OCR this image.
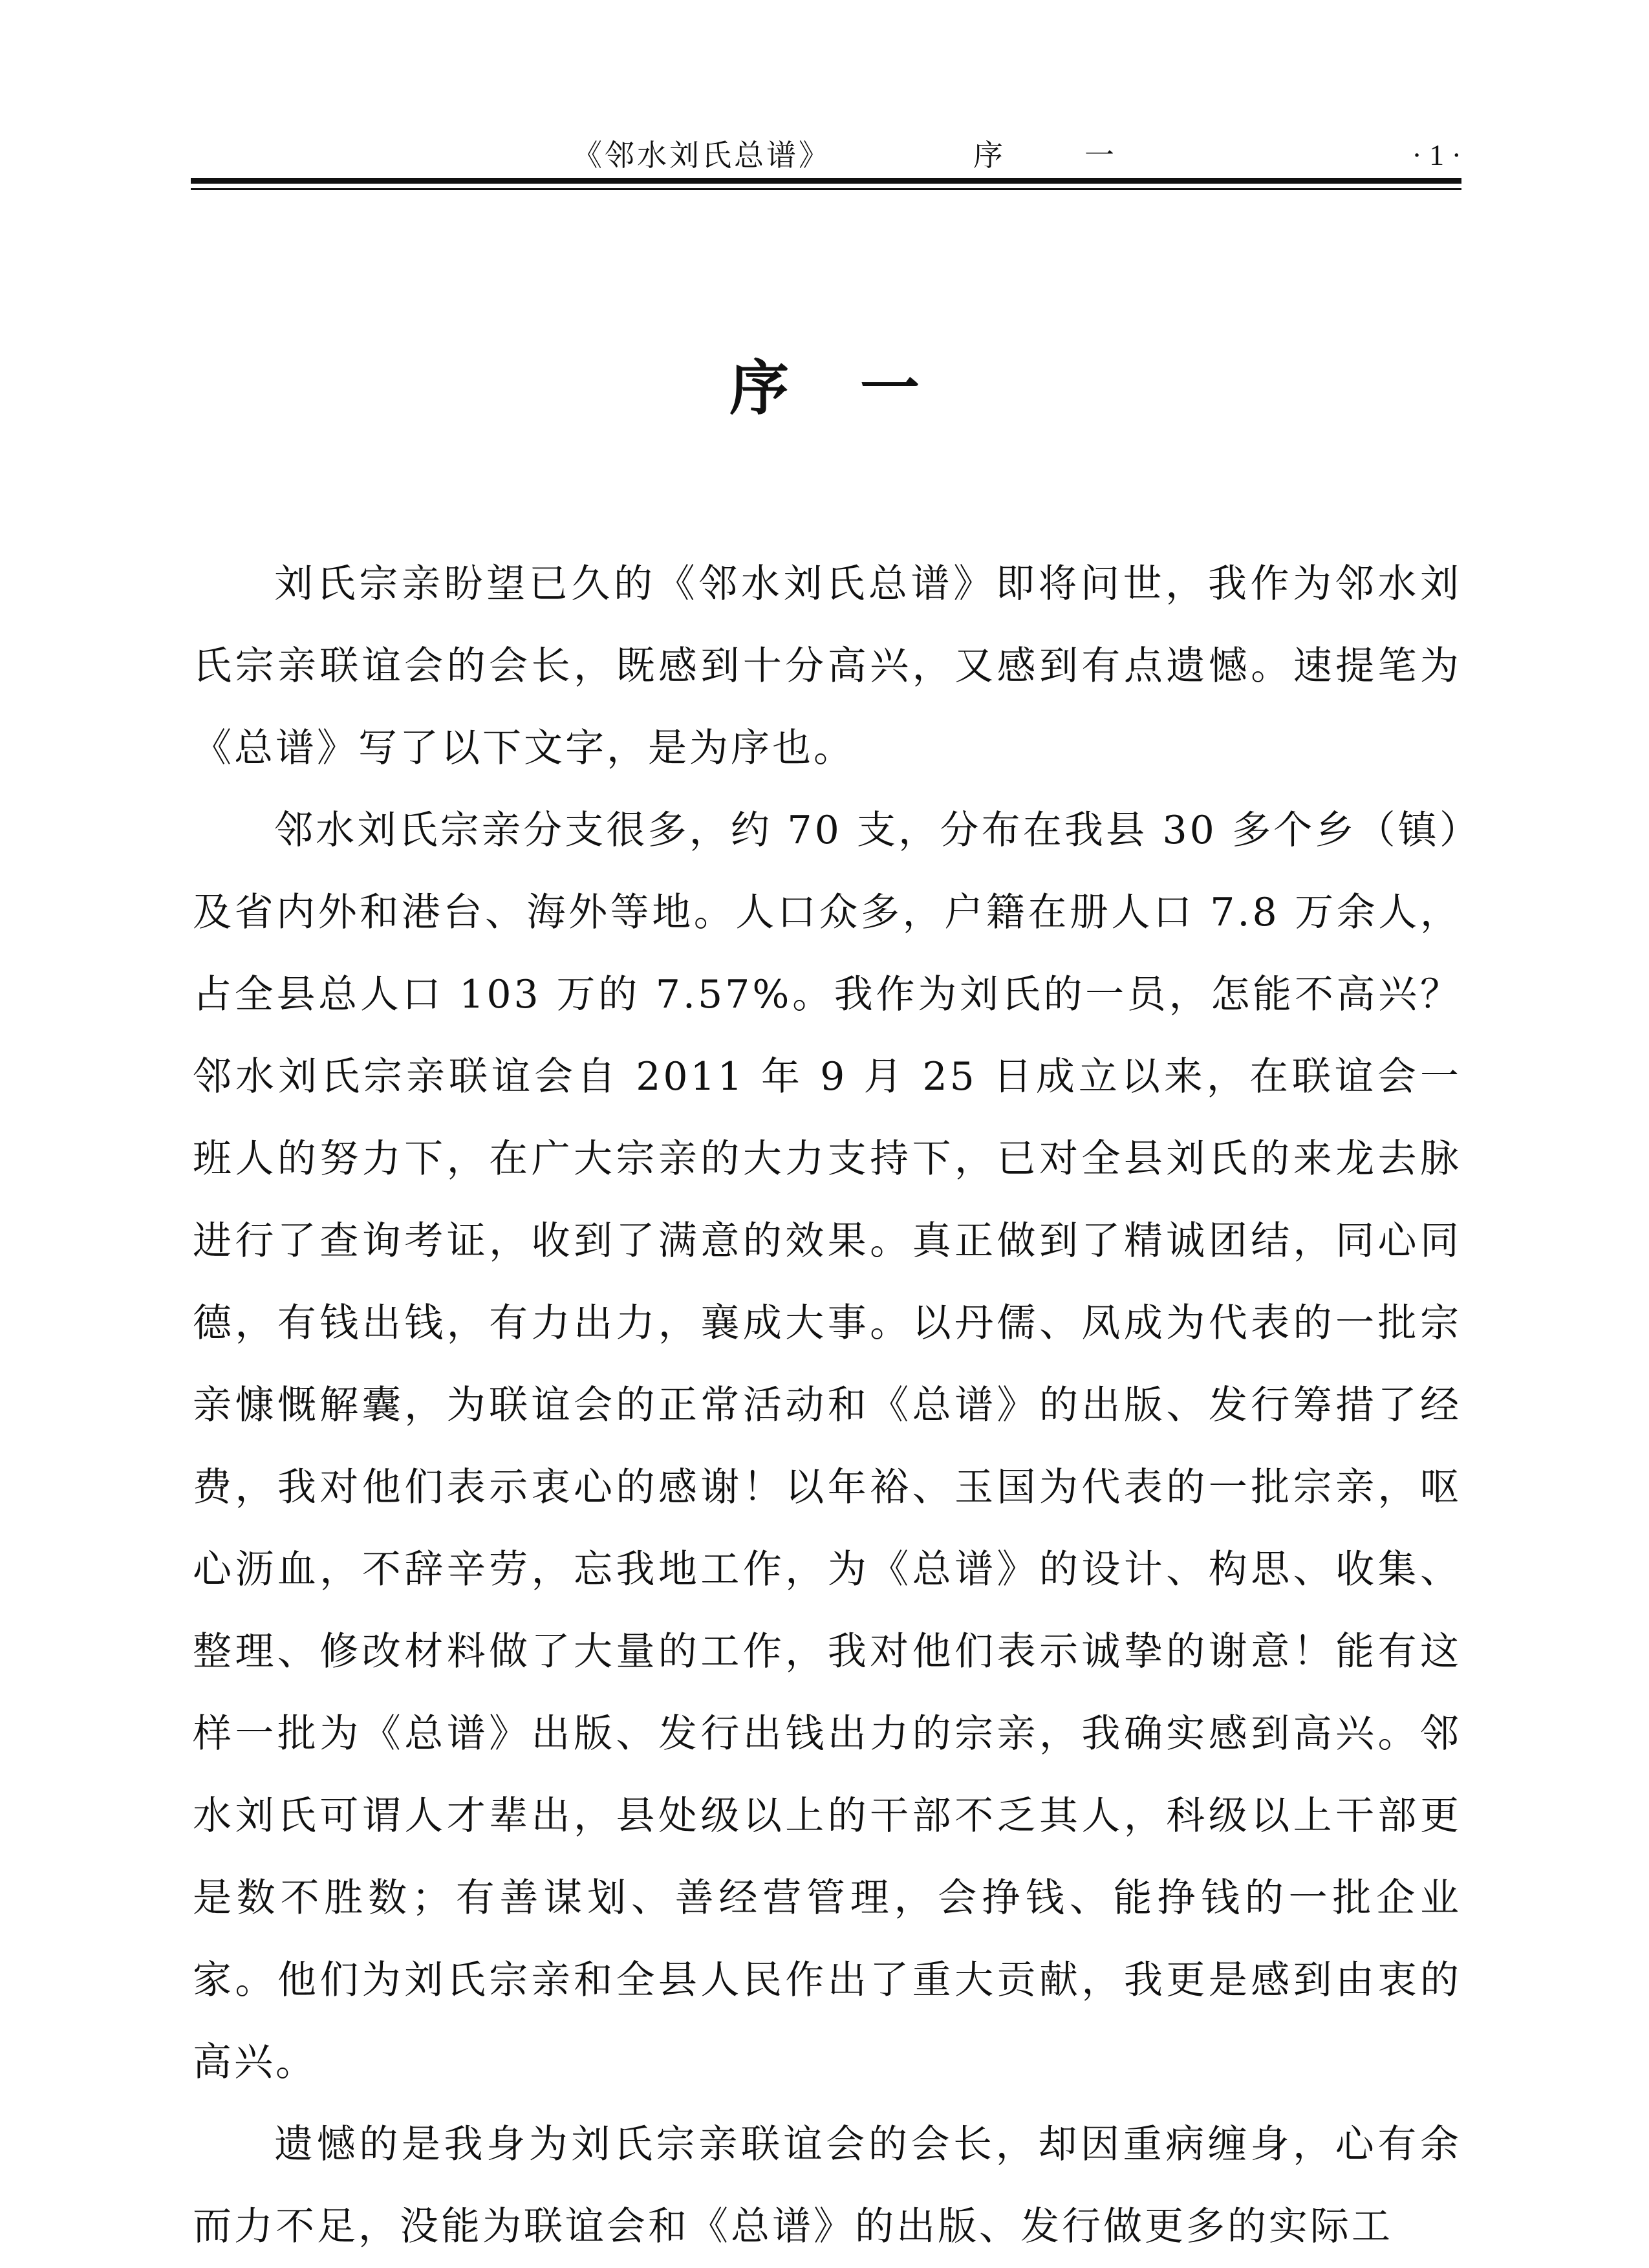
《邻水刘氏总谱》	序　一	· 1 ·
序一

刘氏宗亲盼望已久的《邻水刘氏总谱》即将问世，我作为邻水刘氏宗亲联谊会的会长，既感到十分高兴，又感到有点遗憾。速提笔为《总谱》写了以下文字，是为序也。

邻水刘氏宗亲分支很多，约 70 支，分布在我县 30 多个乡（镇）及省内外和港台、海外等地。人口众多，户籍在册人口 7.8 万余人，占全县总人口 103 万的 7.57%。我作为刘氏的一员，怎能不高兴？邻水刘氏宗亲联谊会自 2011 年 9 月 25 日成立以来，在联谊会一班人的努力下，在广大宗亲的大力支持下，已对全县刘氏的来龙去脉进行了查询考证，收到了满意的效果。真正做到了精诚团结，同心同德，有钱出钱，有力出力，襄成大事。以丹儒、凤成为代表的一批宗亲慷慨解囊，为联谊会的正常活动和《总谱》的出版、发行筹措了经费，我对他们表示衷心的感谢！以年裕、玉国为代表的一批宗亲，呕心沥血，不辞辛劳，忘我地工作，为《总谱》的设计、构思、收集、整理、修改材料做了大量的工作，我对他们表示诚挚的谢意！能有这样一批为《总谱》出版、发行出钱出力的宗亲，我确实感到高兴。邻水刘氏可谓人才辈出，县处级以上的干部不乏其人，科级以上干部更是数不胜数；有善谋划、善经营管理，会挣钱、能挣钱的一批企业家。他们为刘氏宗亲和全县人民作出了重大贡献，我更是感到由衷的高兴。

遗憾的是我身为刘氏宗亲联谊会的会长，却因重病缠身，心有余而力不足，没能为联谊会和《总谱》的出版、发行做更多的实际工
